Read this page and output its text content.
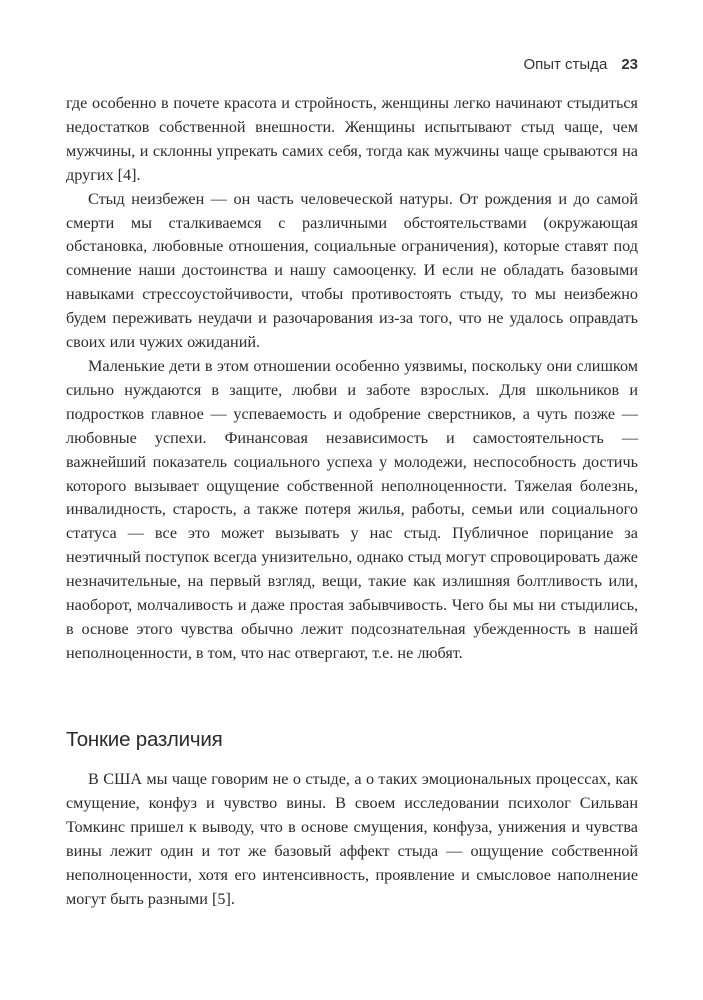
Опыт стыда 23

где особенно в почете красота и стройность, женщины легко начинают стыдиться недостатков собственной внешности. Женщины испытывают стыд чаще, чем мужчины, и склонны упрекать самих себя, тогда как мужчины чаще срываются на других [4].

Стыд неизбежен — он часть человеческой натуры. От рождения и до самой смерти мы сталкиваемся с различными обстоятельствами (окружающая обстановка, любовные отношения, социальные ограничения), которые ставят под сомнение наши достоинства и нашу самооценку. И если не обладать базовыми навыками стрессоустойчивости, чтобы противостоять стыду, то мы неизбежно будем переживать неудачи и разочарования из-за того, что не удалось оправдать своих или чужих ожиданий.

Маленькие дети в этом отношении особенно уязвимы, поскольку они слишком сильно нуждаются в защите, любви и заботе взрослых. Для школьников и подростков главное — успеваемость и одобрение сверстников, а чуть позже — любовные успехи. Финансовая независимость и самостоятельность — важнейший показатель социального успеха у молодежи, неспособность достичь которого вызывает ощущение собственной неполноценности. Тяжелая болезнь, инвалидность, старость, а также потеря жилья, работы, семьи или социального статуса — все это может вызывать у нас стыд. Публичное порицание за неэтичный поступок всегда унизительно, однако стыд могут спровоцировать даже незначительные, на первый взгляд, вещи, такие как излишняя болтливость или, наоборот, молчаливость и даже простая забывчивость. Чего бы мы ни стыдились, в основе этого чувства обычно лежит подсознательная убежденность в нашей неполноценности, в том, что нас отвергают, т.е. не любят.

Тонкие различия

В США мы чаще говорим не о стыде, а о таких эмоциональных процессах, как смущение, конфуз и чувство вины. В своем исследовании психолог Сильван Томкинс пришел к выводу, что в основе смущения, конфуза, унижения и чувства вины лежит один и тот же базовый аффект стыда — ощущение собственной неполноценности, хотя его интенсивность, проявление и смысловое наполнение могут быть разными [5].
